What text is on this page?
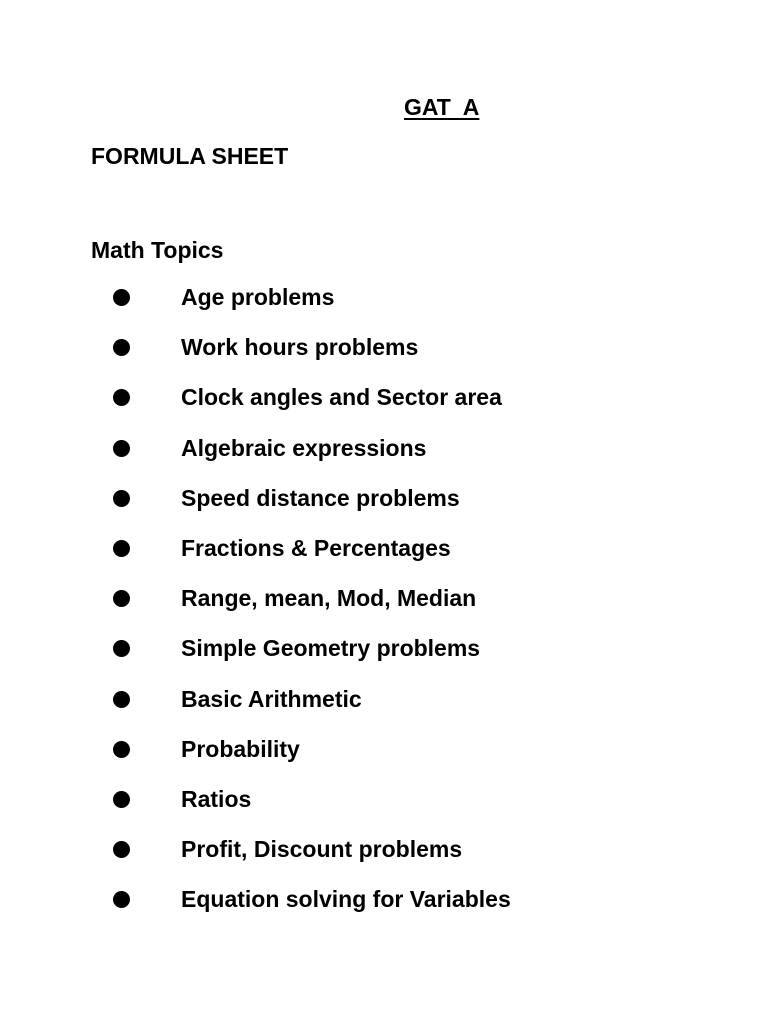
GAT  A
FORMULA SHEET
Math Topics
Age problems
Work hours problems
Clock angles and Sector area
Algebraic expressions
Speed distance problems
Fractions & Percentages
Range, mean, Mod, Median
Simple Geometry problems
Basic Arithmetic
Probability
Ratios
Profit, Discount problems
Equation solving for Variables
